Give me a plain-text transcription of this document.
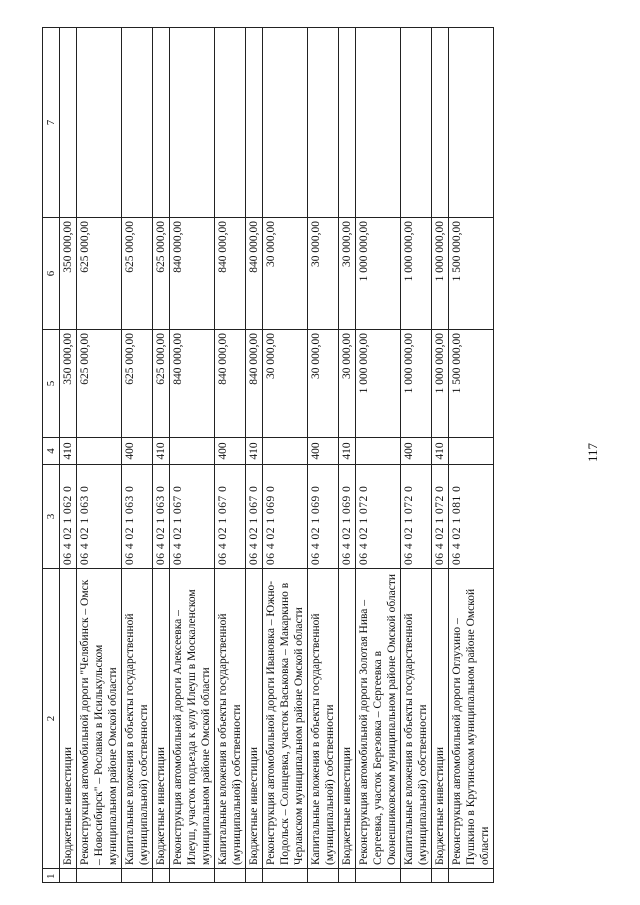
1	2	3	4	5	6	7
	Бюджетные инвестиции	06 4 02 1 062 0	410	350 000,00	350 000,00	
	Реконструкция автомобильной дороги "Челябинск – Омск – Новосибирск" – Рославка в Исилькульском муниципальном районе Омской области	06 4 02 1 063 0		625 000,00	625 000,00	
	Капитальные вложения в объекты государственной (муниципальной) собственности	06 4 02 1 063 0	400	625 000,00	625 000,00	
	Бюджетные инвестиции	06 4 02 1 063 0	410	625 000,00	625 000,00	
	Реконструкция автомобильной дороги Алексеевка – Илеуш, участок подъезда к аулу Илеуш в Москаленском муниципальном районе Омской области	06 4 02 1 067 0		840 000,00	840 000,00	
	Капитальные вложения в объекты государственной (муниципальной) собственности	06 4 02 1 067 0	400	840 000,00	840 000,00	
	Бюджетные инвестиции	06 4 02 1 067 0	410	840 000,00	840 000,00	
	Реконструкция автомобильной дороги Ивановка – Южно-Подольск – Солнцевка, участок Васьковка – Макаркино в Черлакском муниципальном районе Омской области	06 4 02 1 069 0		30 000,00	30 000,00	
	Капитальные вложения в объекты государственной (муниципальной) собственности	06 4 02 1 069 0	400	30 000,00	30 000,00	
	Бюджетные инвестиции	06 4 02 1 069 0	410	30 000,00	30 000,00	
	Реконструкция автомобильной дороги Золотая Нива – Сергеевка, участок Березовка – Сергеевка в Оконешниковском муниципальном районе Омской области	06 4 02 1 072 0		1 000 000,00	1 000 000,00	
	Капитальные вложения в объекты государственной (муниципальной) собственности	06 4 02 1 072 0	400	1 000 000,00	1 000 000,00	
	Бюджетные инвестиции	06 4 02 1 072 0	410	1 000 000,00	1 000 000,00	
	Реконструкция автомобильной дороги Оглухино – Пушкино в Крутинском муниципальном районе Омской области	06 4 02 1 081 0		1 500 000,00	1 500 000,00	
117
